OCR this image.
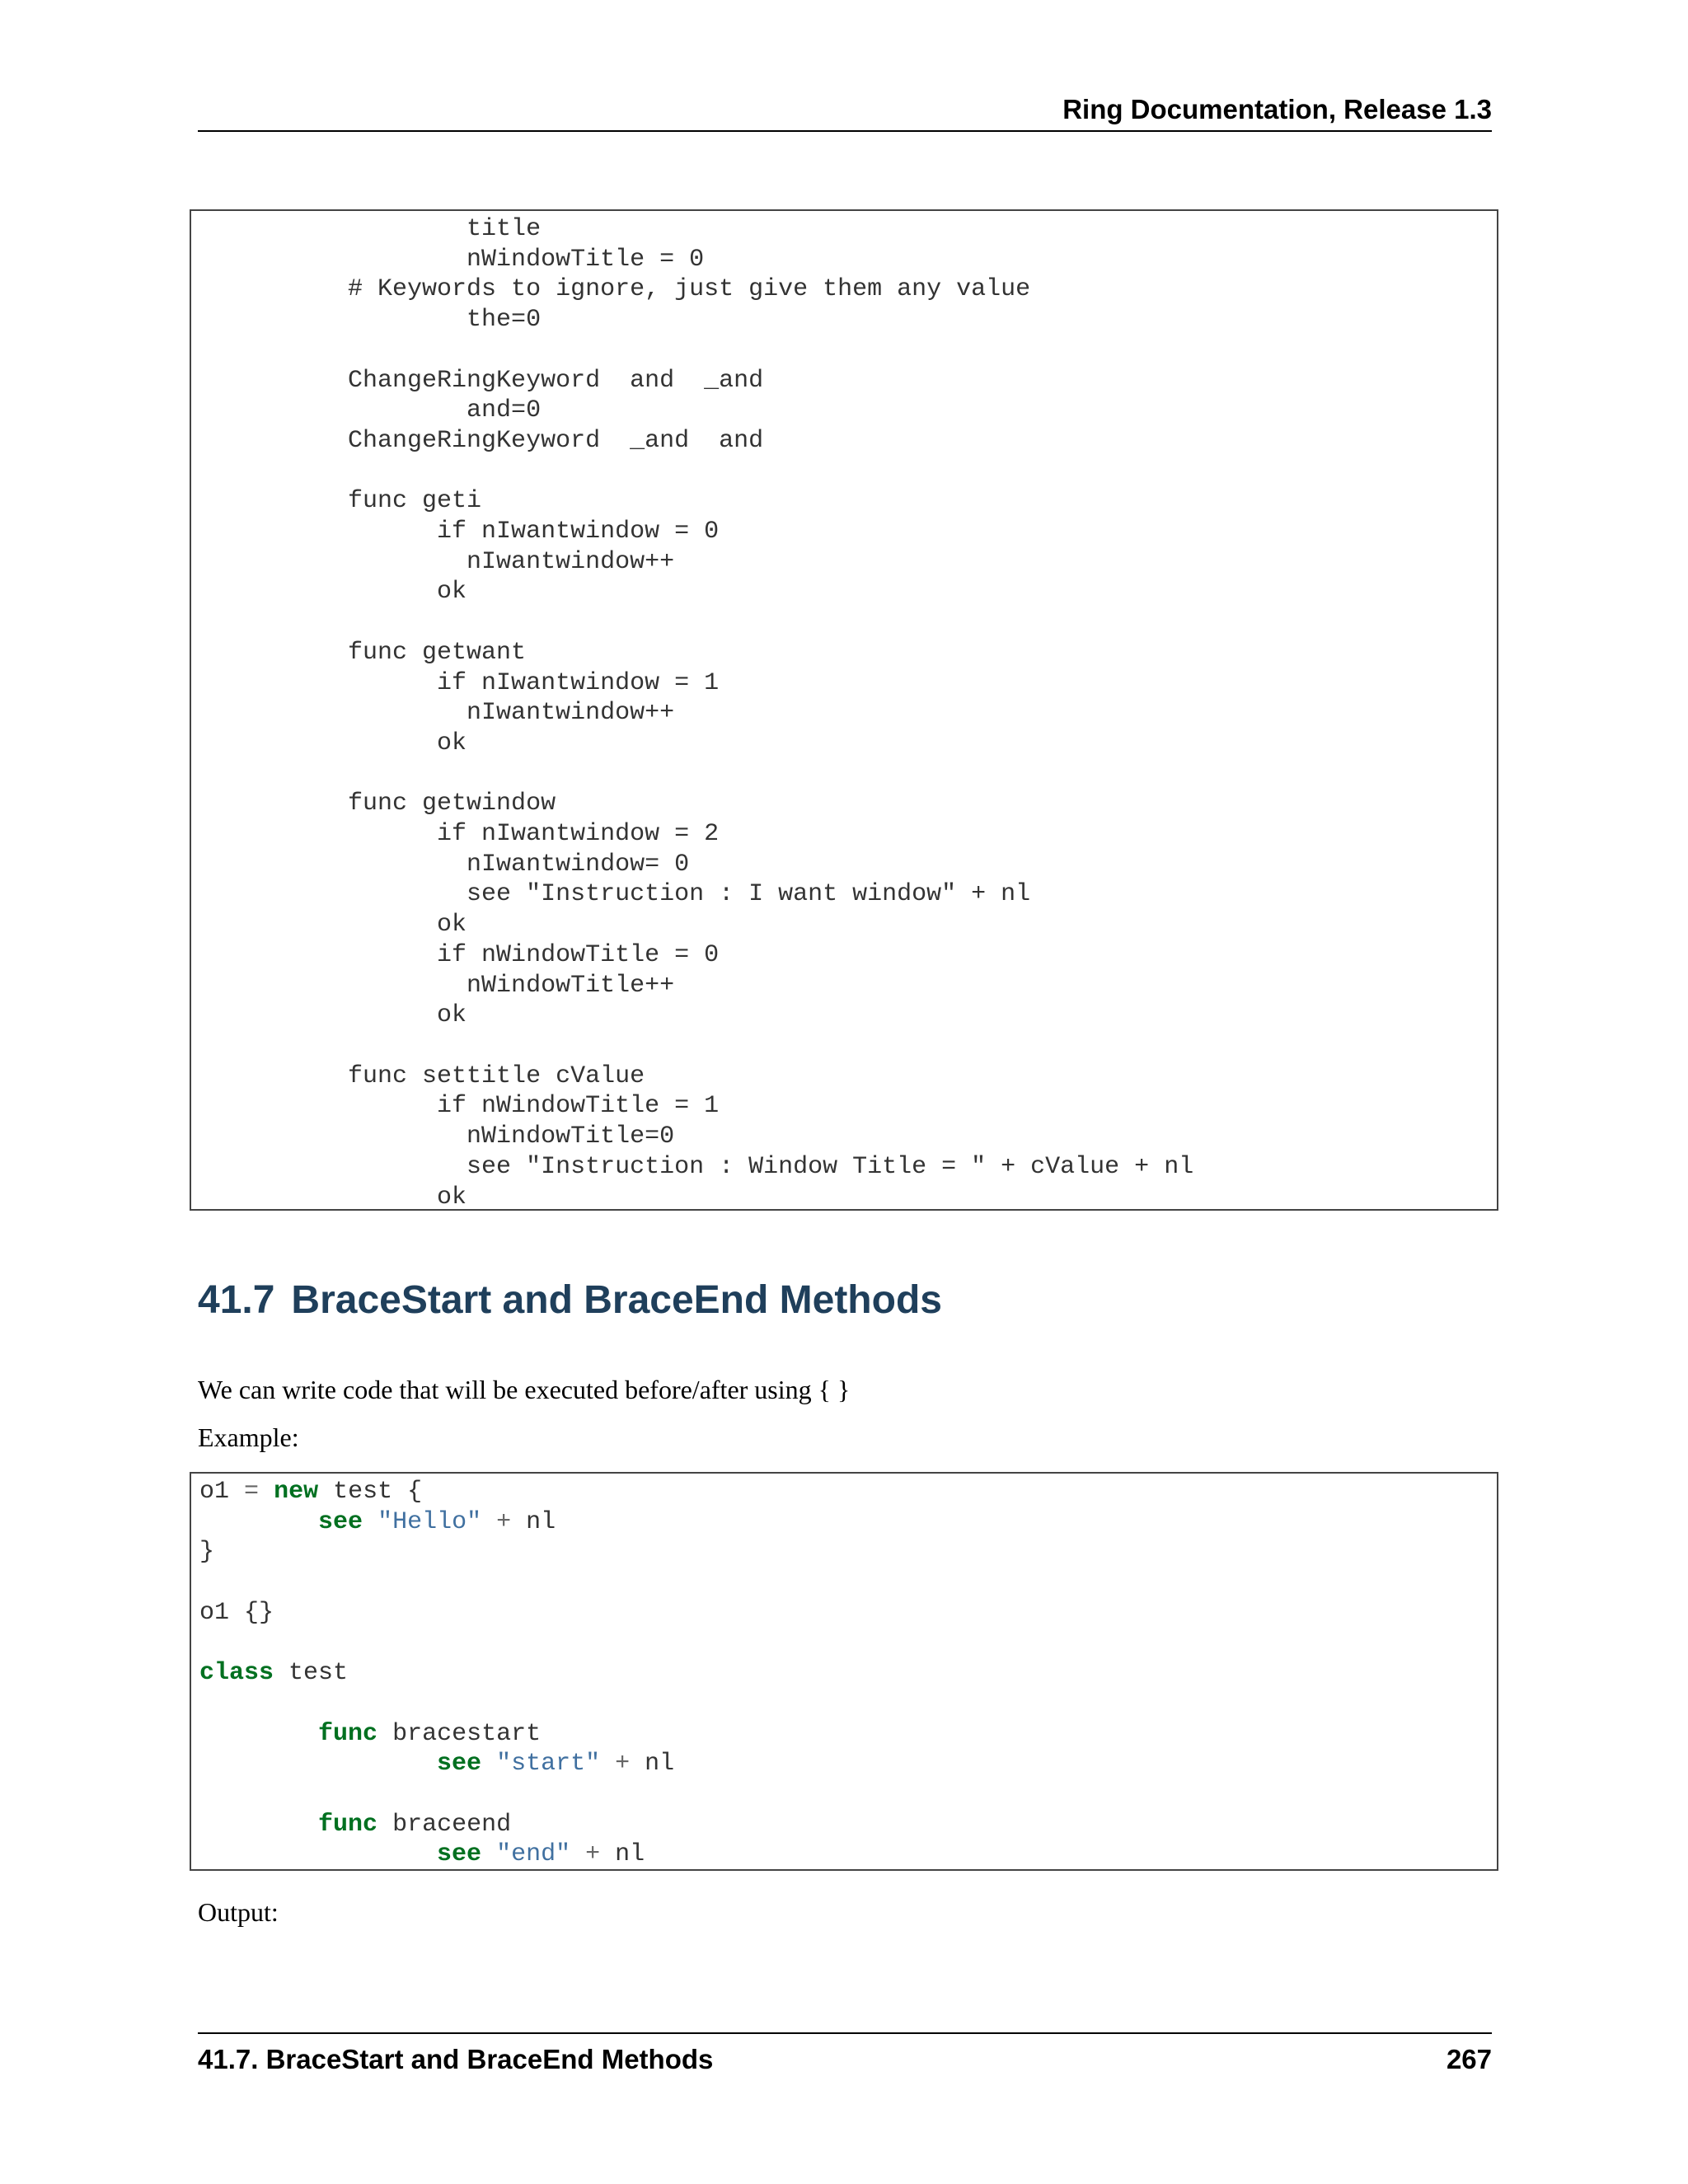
Ring Documentation, Release 1.3
title
nWindowTitle = 0
# Keywords to ignore, just give them any value
the=0

ChangeRingKeyword  and  _and
and=0
ChangeRingKeyword  _and  and

func geti
if nIwantwindow = 0
nIwantwindow++
ok

func getwant
if nIwantwindow = 1
nIwantwindow++
ok

func getwindow
if nIwantwindow = 2
nIwantwindow= 0
see "Instruction : I want window" + nl
ok
if nWindowTitle = 0
nWindowTitle++
ok

func settitle cValue
if nWindowTitle = 1
nWindowTitle=0
see "Instruction : Window Title = " + cValue + nl
ok
41.7 BraceStart and BraceEnd Methods

We can write code that will be executed before/after using { }

Example:

o1 = new test {
see "Hello" + nl
}

o1 {}

class test

func bracestart
see "start" + nl

func braceend
see "end" + nl

Output:

41.7. BraceStart and BraceEnd Methods	267
